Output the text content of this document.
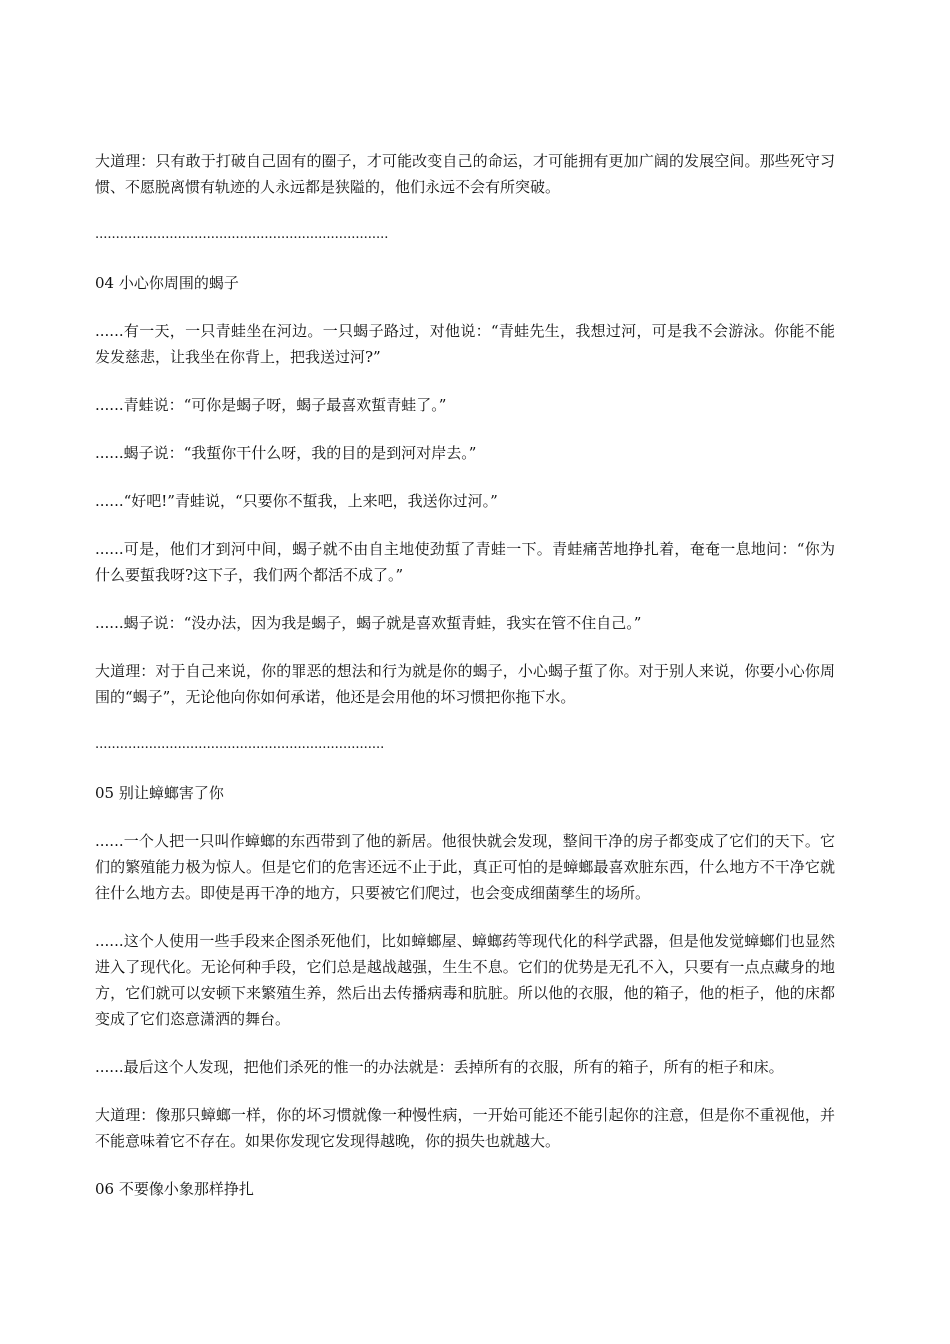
大道理：只有敢于打破自己固有的圈子，才可能改变自己的命运，才可能拥有更加广阔的发展空间。那些死守习惯、不愿脱离惯有轨迹的人永远都是狭隘的，他们永远不会有所突破。

.......................................................................

04 小心你周围的蝎子

......有一天，一只青蛙坐在河边。一只蝎子路过，对他说：“青蛙先生，我想过河，可是我不会游泳。你能不能发发慈悲，让我坐在你背上，把我送过河?”

......青蛙说：“可你是蝎子呀，蝎子最喜欢蜇青蛙了。”

......蝎子说：“我蜇你干什么呀，我的目的是到河对岸去。”

......“好吧!”青蛙说，“只要你不蜇我，上来吧，我送你过河。”

......可是，他们才到河中间，蝎子就不由自主地使劲蜇了青蛙一下。青蛙痛苦地挣扎着，奄奄一息地问：“你为什么要蜇我呀?这下子，我们两个都活不成了。”

......蝎子说：“没办法，因为我是蝎子，蝎子就是喜欢蜇青蛙，我实在管不住自己。”

大道理：对于自己来说，你的罪恶的想法和行为就是你的蝎子，小心蝎子蜇了你。对于别人来说，你要小心你周围的“蝎子”，无论他向你如何承诺，他还是会用他的坏习惯把你拖下水。

......................................................................

05 别让蟑螂害了你

......一个人把一只叫作蟑螂的东西带到了他的新居。他很快就会发现，整间干净的房子都变成了它们的天下。它们的繁殖能力极为惊人。但是它们的危害还远不止于此，真正可怕的是蟑螂最喜欢脏东西，什么地方不干净它就往什么地方去。即使是再干净的地方，只要被它们爬过，也会变成细菌孳生的场所。

......这个人使用一些手段来企图杀死他们，比如蟑螂屋、蟑螂药等现代化的科学武器，但是他发觉蟑螂们也显然进入了现代化。无论何种手段，它们总是越战越强，生生不息。它们的优势是无孔不入，只要有一点点藏身的地方，它们就可以安顿下来繁殖生养，然后出去传播病毒和肮脏。所以他的衣服，他的箱子，他的柜子，他的床都变成了它们恣意潇洒的舞台。

......最后这个人发现，把他们杀死的惟一的办法就是：丢掉所有的衣服，所有的箱子，所有的柜子和床。

大道理：像那只蟑螂一样，你的坏习惯就像一种慢性病，一开始可能还不能引起你的注意，但是你不重视他，并不能意味着它不存在。如果你发现它发现得越晚，你的损失也就越大。

06 不要像小象那样挣扎
